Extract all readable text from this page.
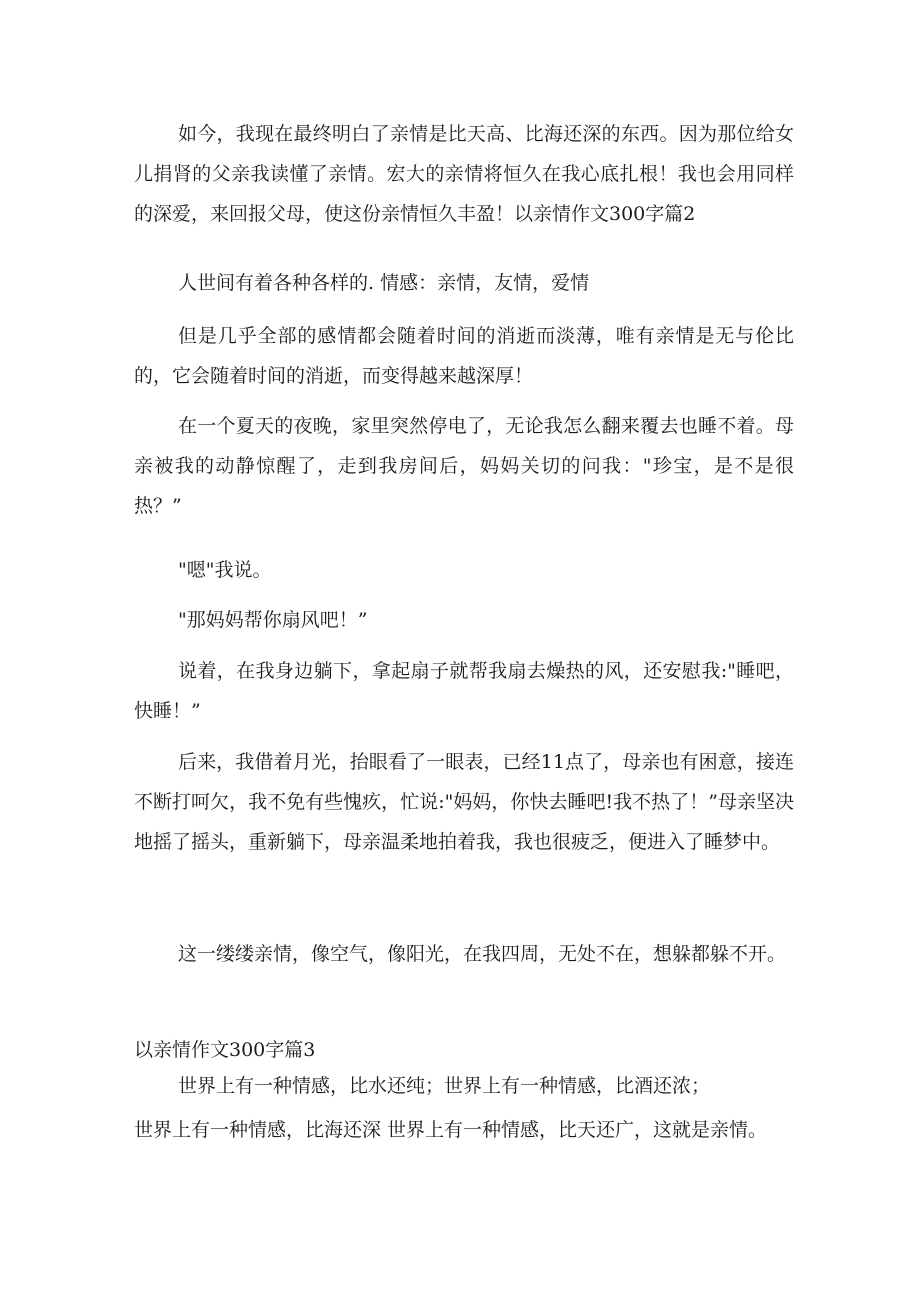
如今，我现在最终明白了亲情是比天高、比海还深的东西。因为那位给女儿捐肾的父亲我读懂了亲情。宏大的亲情将恒久在我心底扎根！我也会用同样的深爱，来回报父母，使这份亲情恒久丰盈！以亲情作文300字篇2

人世间有着各种各样的. 情感：亲情，友情，爱情

但是几乎全部的感情都会随着时间的消逝而淡薄，唯有亲情是无与伦比的，它会随着时间的消逝，而变得越来越深厚！

在一个夏天的夜晚，家里突然停电了，无论我怎么翻来覆去也睡不着。母亲被我的动静惊醒了，走到我房间后，妈妈关切的问我："珍宝，是不是很热？”

"嗯"我说。

"那妈妈帮你扇风吧！”

说着，在我身边躺下，拿起扇子就帮我扇去燥热的风，还安慰我:"睡吧，快睡！”

后来，我借着月光，抬眼看了一眼表，已经11点了，母亲也有困意，接连不断打呵欠，我不免有些愧疚，忙说:"妈妈，你快去睡吧!我不热了！”母亲坚决地摇了摇头，重新躺下，母亲温柔地拍着我，我也很疲乏，便进入了睡梦中。

这一缕缕亲情，像空气，像阳光，在我四周，无处不在，想躲都躲不开。

以亲情作文300字篇3

世界上有一种情感，比水还纯；世界上有一种情感，比酒还浓；

世界上有一种情感，比海还深 世界上有一种情感，比天还广，这就是亲情。
